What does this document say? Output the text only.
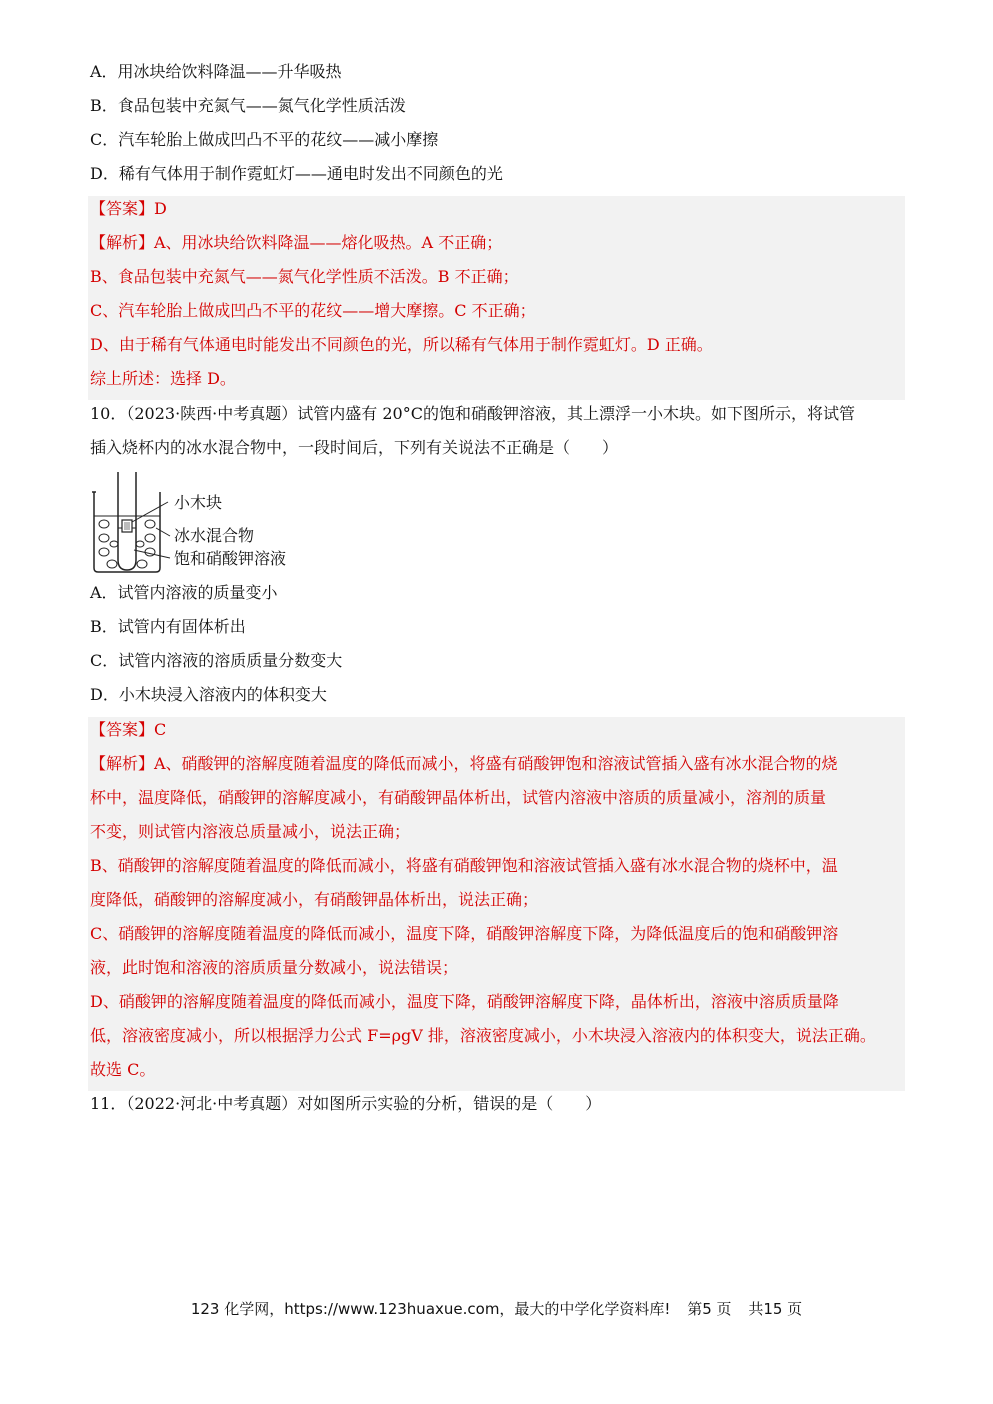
A．用冰块给饮料降温——升华吸热
B．食品包装中充氮气——氮气化学性质活泼
C．汽车轮胎上做成凹凸不平的花纹——减小摩擦
D．稀有气体用于制作霓虹灯——通电时发出不同颜色的光
【答案】D
【解析】A、用冰块给饮料降温——熔化吸热。A 不正确；
B、食品包装中充氮气——氮气化学性质不活泼。B 不正确；
C、汽车轮胎上做成凹凸不平的花纹——增大摩擦。C 不正确；
D、由于稀有气体通电时能发出不同颜色的光，所以稀有气体用于制作霓虹灯。D 正确。
综上所述：选择 D。
10．（2023·陕西·中考真题）试管内盛有 20°C的饱和硝酸钾溶液，其上漂浮一小木块。如下图所示，将试管
插入烧杯内的冰水混合物中，一段时间后，下列有关说法不正确是（　　）
小木块
冰水混合物
饱和硝酸钾溶液
A．试管内溶液的质量变小
B．试管内有固体析出
C．试管内溶液的溶质质量分数变大
D．小木块浸入溶液内的体积变大
【答案】C
【解析】A、硝酸钾的溶解度随着温度的降低而减小，将盛有硝酸钾饱和溶液试管插入盛有冰水混合物的烧
杯中，温度降低，硝酸钾的溶解度减小，有硝酸钾晶体析出，试管内溶液中溶质的质量减小，溶剂的质量
不变，则试管内溶液总质量减小，说法正确；
B、硝酸钾的溶解度随着温度的降低而减小，将盛有硝酸钾饱和溶液试管插入盛有冰水混合物的烧杯中，温
度降低，硝酸钾的溶解度减小，有硝酸钾晶体析出，说法正确；
C、硝酸钾的溶解度随着温度的降低而减小，温度下降，硝酸钾溶解度下降，为降低温度后的饱和硝酸钾溶
液，此时饱和溶液的溶质质量分数减小，说法错误；
D、硝酸钾的溶解度随着温度的降低而减小，温度下降，硝酸钾溶解度下降，晶体析出，溶液中溶质质量降
低，溶液密度减小，所以根据浮力公式 F=ρgV 排，溶液密度减小，小木块浸入溶液内的体积变大，说法正确。
故选 C。
11．（2022·河北·中考真题）对如图所示实验的分析，错误的是（　　）
123 化学网，https://www.123huaxue.com，最大的中学化学资料库! 第5 页 共15 页
